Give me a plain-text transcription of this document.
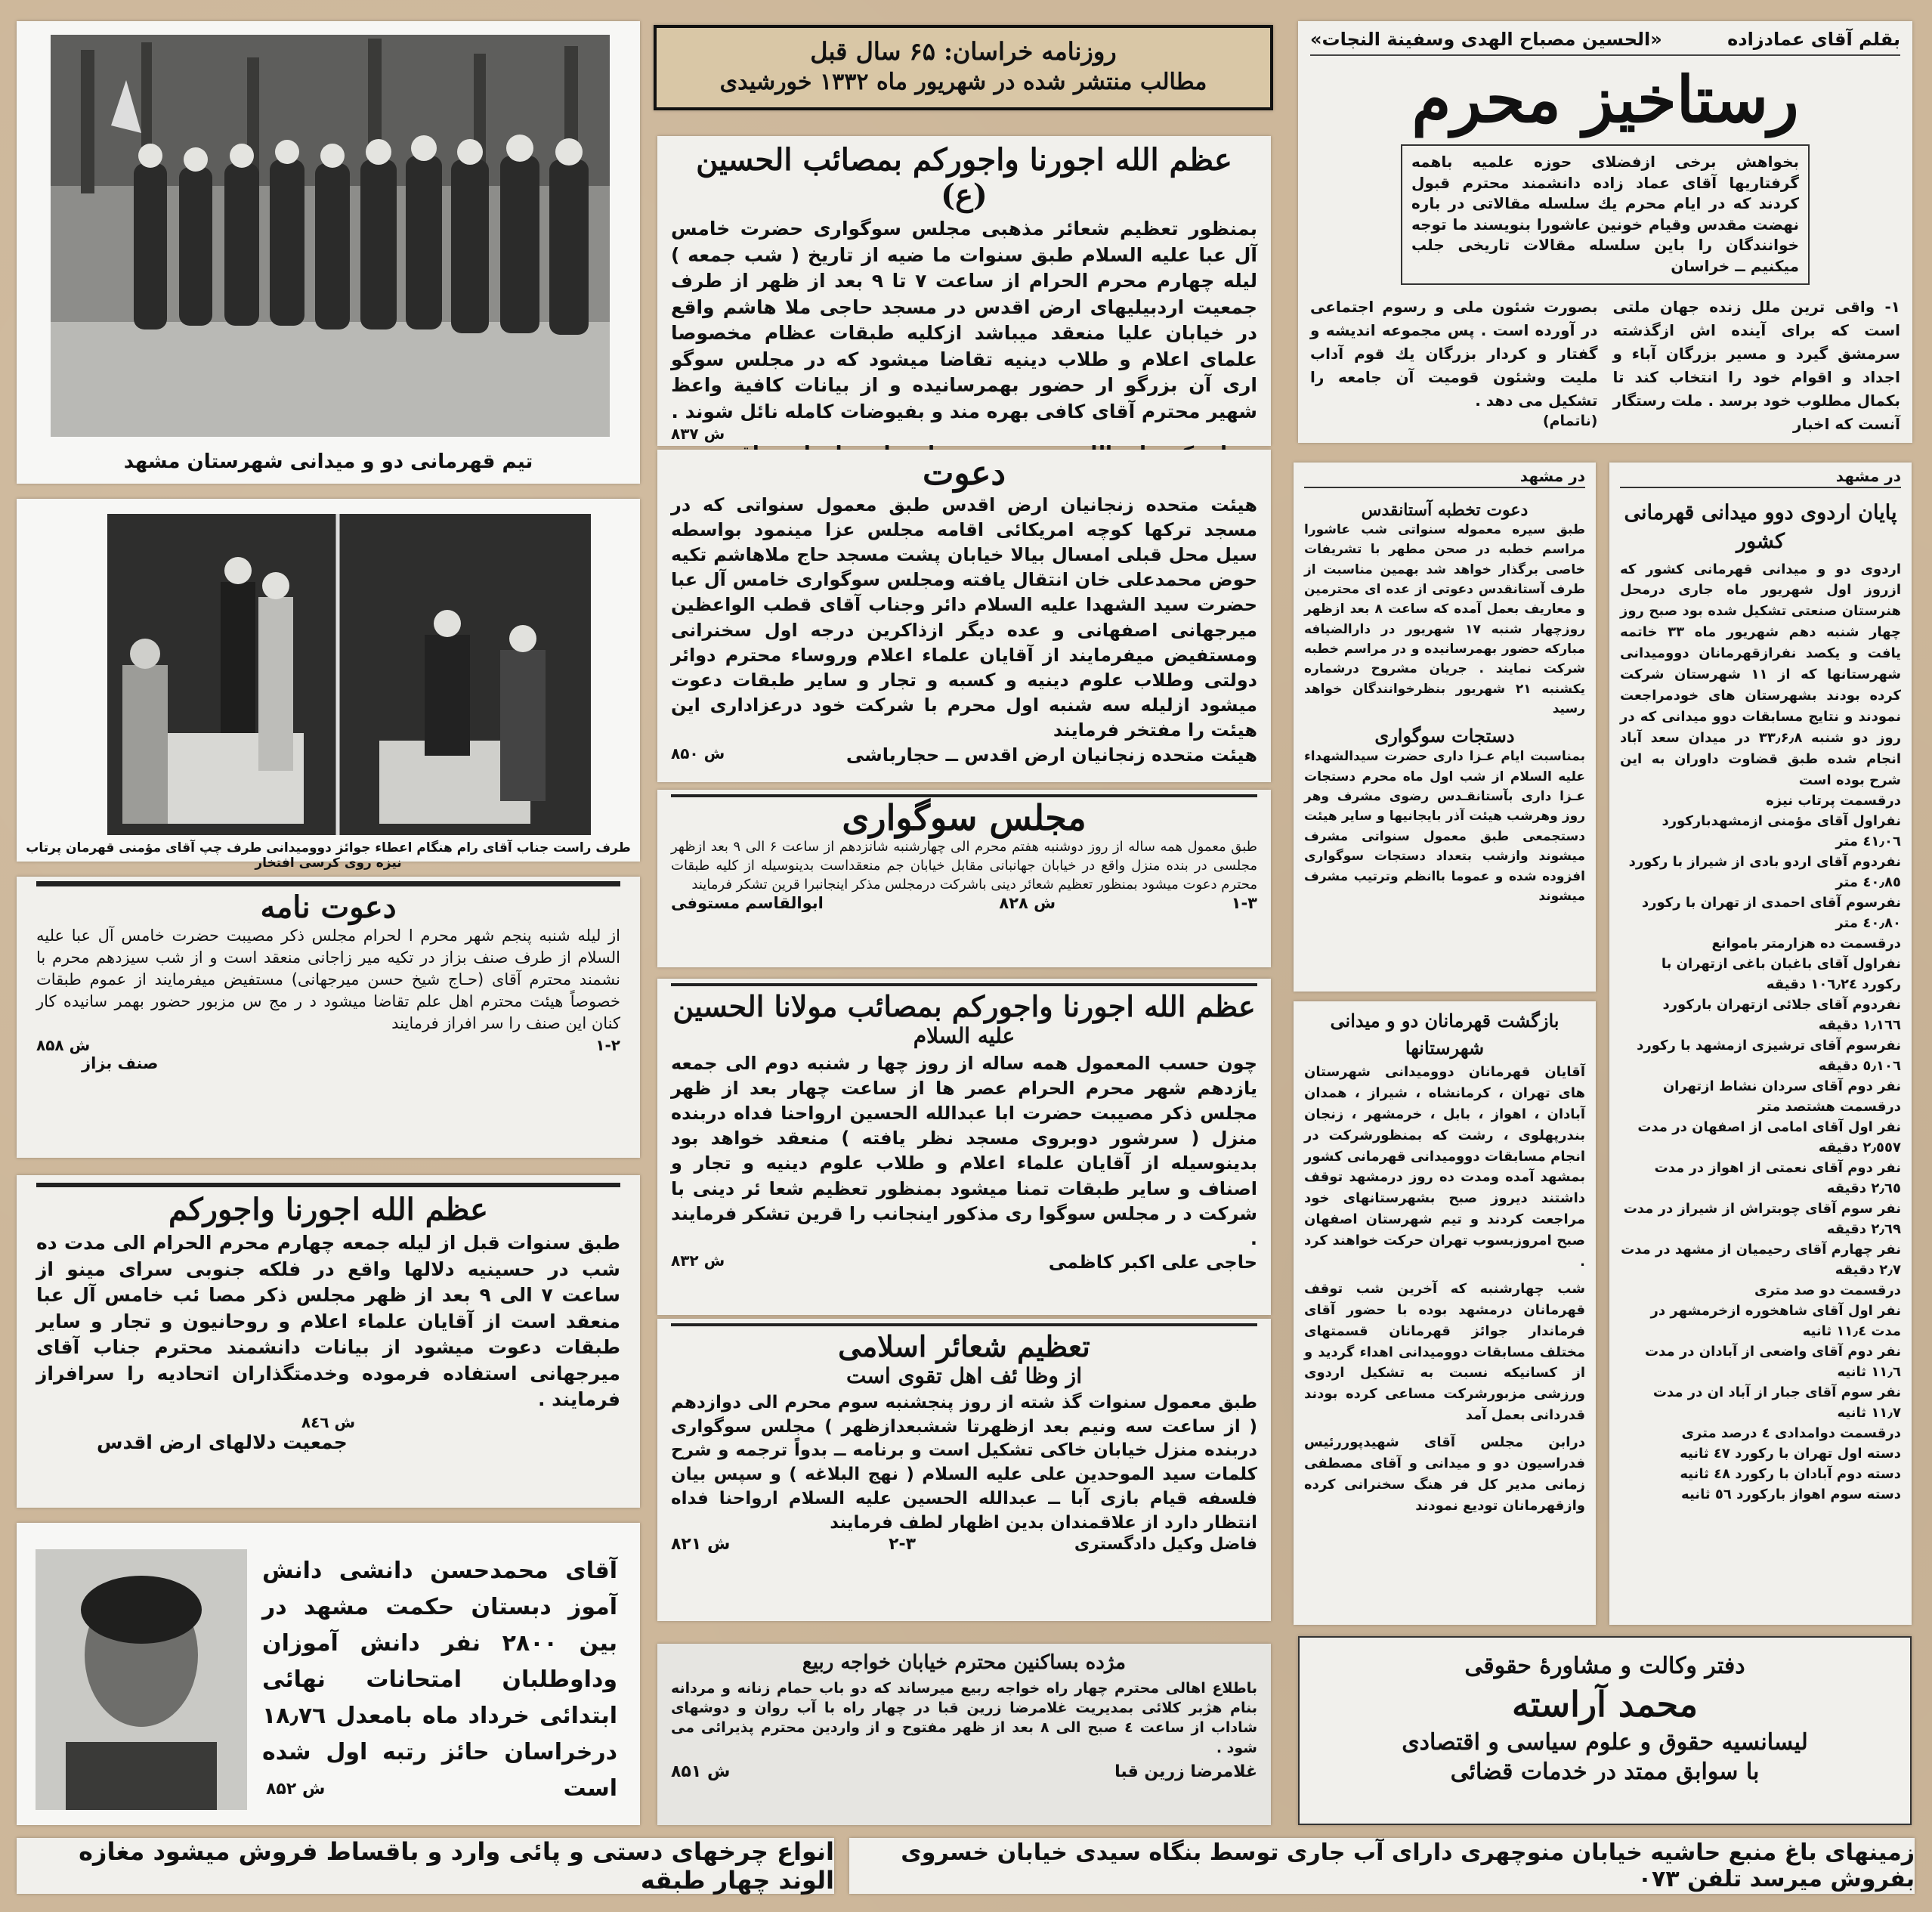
روزنامه خراسان: ۶۵ سال قبل
مطالب منتشر شده در شهریور ماه ۱۳۳۲ خورشیدی
تیم قهرمانی دو و میدانی شهرستان مشهد
طرف راست جناب آقای رام هنگام اعطاء جوائز دوومیدانی طرف چپ آقای مؤمنی قهرمان پرتاب نیزه روی کرسی افتخار
بقلم آقای عمادزاده
«الحسین مصباح الهدی وسفینة النجات»
رستاخیز محرم
بخواهش برخی ازفضلای حوزه علمیه باهمه گرفتاریها آقای عماد زاده دانشمند محترم قبول کردند که در ایام محرم یك سلسله مقالاتی در باره نهضت مقدس وقیام خونین عاشورا بنویسند ما توجه خوانندگان را باین سلسله مقالات تاریخی جلب میکنیم ــ خراسان
۱- واقی ترین ملل زنده جهان ملتی است که برای آینده اش ازگذشته سرمشق گیرد و مسیر بزرگان آباء و اجداد و اقوام خود را انتخاب کند تا بکمال مطلوب خود برسد . ملت رستگار آنست که اخبار
بصورت شئون ملی و رسوم اجتماعی در آورده است . پس مجموعه اندیشه و گفتار و کردار بزرگان یك قوم آداب ملیت وشئون قومیت آن جامعه را تشکیل می دهد .
(ناتمام)
عظم الله اجورنا واجورکم بمصائب الحسین (ع)
بمنظور تعظیم شعائر مذهبی مجلس سوگواری حضرت خامس آل عبا علیه السلام طبق سنوات ما ضیه از تاریخ ( شب جمعه ) لیله چهارم محرم الحرام از ساعت ۷ تا ۹ بعد از ظهر از طرف جمعیت اردبیلیهای ارض اقدس در مسجد حاجی ملا هاشم واقع در خیابان علیا منعقد میباشد ازکلیه طبقات عظام مخصوصا علمای اعلام و طلاب دینیه تقاضا میشود که در مجلس سوگو اری آن بزرگو ار حضور بهمرسانیده و از بیانات کافیة واعظ شهیر محترم آقای کافی بهره مند و بفیوضات کامله نائل شوند .
ش ۸۳۷
دعوت
هیئت متحده زنجانیان ارض اقدس طبق معمول سنواتی که در مسجد ترکها کوچه امریکائی اقامه مجلس عزا مینمود بواسطه سیل محل قبلی امسال بیالا خیابان پشت مسجد حاج ملاهاشم تکیه حوض محمدعلی خان انتقال یافته ومجلس سوگواری خامس آل عبا حضرت سید الشهدا علیه السلام دائر وجناب آقای قطب الواعظین میرجهانی اصفهانی و عده دیگر ازذاکرین درجه اول سخنرانی ومستفیض میفرمایند از آقایان علماء اعلام وروساء محترم دوائر دولتی وطلاب علوم دینیه و کسبه و تجار و سایر طبقات دعوت میشود ازلیله سه شنبه اول محرم با شرکت خود درعزاداری این هیئت را مفتخر فرمایند
هیئت متحده زنجانیان ارض اقدس ــ حجارباشی
ش ۸۵۰
مجلس سوگواری
طبق معمول همه ساله از روز دوشنبه هفتم محرم الی چهارشنبه شانزدهم از ساعت ۶ الی ۹ بعد ازظهر مجلسی در بنده منزل واقع در خیابان جهانبانی مقابل خیابان جم منعقداست بدینوسیله از کلیه طبقات محترم دعوت میشود بمنظور تعظیم شعائر دینی باشرکت درمجلس مذکر اینجانبرا قرین تشکر فرمایند
۱-۳
ش ۸۲۸
ابوالقاسم مستوفی
عظم الله اجورنا واجورکم بمصائب مولانا الحسین
علیه السلام
چون حسب المعمول همه ساله از روز چها ر شنبه دوم الی جمعه یازدهم شهر محرم الحرام عصر ها از ساعت چهار بعد از ظهر مجلس ذکر مصیبت حضرت ابا عبدالله الحسین ارواحنا فداه دربنده منزل ( سرشور دوبروی مسجد نظر یافته ) منعقد خواهد بود بدینوسیله از آقایان علماء اعلام و طلاب علوم دینیه و تجار و اصناف و سایر طبقات تمنا میشود بمنظور تعظیم شعا ئر دینی با شرکت د ر مجلس سوگوا ری مذکور اینجانب را قرین تشکر فرمایند .
حاجی علی اکبر کاظمی
ش ۸۳۲
تعظیم شعائر اسلامی
از وظا ئف اهل تقوی است
طبق معمول سنوات گذ شته از روز پنجشنبه سوم محرم الی دوازدهم ( از ساعت سه ونیم بعد ازظهرتا ششبعدازظهر ) مجلس سوگواری دربنده منزل خیابان خاکی تشکیل است و برنامه ــ بدواً ترجمه و شرح کلمات سید الموحدین علی علیه السلام ( نهج البلاغه ) و سپس بیان فلسفه قیام بازی آبا ــ عبدالله الحسین علیه السلام ارواحنا فداه انتظار دارد از علاقمندان بدین اظهار لطف فرمایند
فاضل وکیل دادگستری
۲-۳
ش ۸۲۱
مژده بساکنین محترم خیابان خواجه ربیع
باطلاع اهالی محترم چهار راه خواجه ربیع میرساند که دو باب حمام زنانه و مردانه بنام هژبر کلائی بمدیریت غلامرضا زرین قبا در چهار راه با آب روان و دوشهای شاداب از ساعت ٤ صبح الی ۸ بعد از ظهر مفتوح و از واردین محترم پذیرائی می شود .
غلامرضا زرین قبا
ش ۸۵۱
دعوت نامه
از لیله شنبه پنجم شهر محرم ا لحرام مجلس ذکر مصیبت حضرت خامس آل عبا علیه السلام از طرف صنف بزاز در تکیه میر زاجانی منعقد است و از شب سیزدهم محرم با نشمند محترم آقای (حـاج شیخ حسن میرجهانی) مستفیض میفرمایند از عموم طبقات خصوصاً هیئت محترم اهل علم تقاضا میشود د ر مج س مزبور حضور بهمر سانیده کار کنان این صنف را سر افراز فرمایند
۱-۲
ش ۸۵۸
صنف بزاز
عظم الله اجورنا واجورکم
طبق سنوات قبل از لیله جمعه چهارم محرم الحرام الی مدت ده شب در حسینیه دلالها واقع در فلکه جنوبی سرای مینو از ساعت ۷ الی ۹ بعد از ظهر مجلس ذکر مصا ئب خامس آل عبا منعقد است از آقایان علماء اعلام و روحانیون و تجار و سایر طبقات دعوت میشود از بیانات دانشمند محترم جناب آقای میرجهانی استفاده فرموده وخدمتگذاران اتحادیه را سرافراز فرمایند .
ش ۸٤٦
جمعیت دلالهای ارض اقدس
آقای محمدحسن دانشی دانش آموز دبستان حکمت مشهد در بین ۲۸۰۰ نفر دانش آموزان وداوطلبان امتحانات نهائی ابتدائی خرداد ماه بامعدل ۱۸٫۷٦ درخراسان حائز رتبه اول شده است
ش ۸۵۲
در مشهد
دعوت تخطبه آستانقدس
طبق سیره معموله سنواتی شب عاشورا مراسم خطبه در صحن مطهر با تشریفات خاصی برگذار خواهد شد بهمین مناسبت از طرف آستانقدس دعوتی از عده ای محترمین و معاریف بعمل آمده که ساعت ۸ بعد ازظهر روزچهار شنبه ۱۷ شهریور در دارالضیافه مبارکه حضور بهمرسانیده و در مراسم خطبه شرکت نمایند . جریان مشروح درشماره یکشنبه ۲۱ شهریور بنظرخوانندگان خواهد رسید
دستجات سوگواری
بمناسبت ایام عـزا داری حضرت سیدالشهداء علیه السلام از شب اول ماه محرم دستجات عـزا داری بآستانقـدس رضوی مشرف وهر روز وهرشب هیئت آذر بایجانیها و سایر هیئت دستجمعی طبق معمول سنواتی مشرف میشوند وازشب بتعداد دستجات سوگواری افزوده شده و عموما باانظم وترتیب مشرف میشوند
بازگشت قهرمانان دو و میدانی شهرستانها
آقایان قهرمانان دوومیدانی شهرستان های تهران ، کرمانشاه ، شیراز ، همدان آبادان ، اهواز ، بابل ، خرمشهر ، زنجان بندرپهلوی ، رشت که بمنظورشرکت در انجام مسابقات دوومیدانی قهرمانی کشور بمشهد آمده ومدت ده روز درمشهد توقف داشتند دیروز صبح بشهرستانهای خود مراجعت کردند و تیم شهرستان اصفهان صبح امروزبسوب تهران حرکت خواهند کرد .
شب چهارشنبه که آخرین شب توقف قهرمانان درمشهد بوده با حضور آقای فرماندار جوائز قهرمانان قسمتهای مختلف مسابقات دوومیدانی اهداء گردید و از کسانیکه نسبت به تشکیل اردوی ورزشی مزبورشرکت مساعی کرده بودند قدردانی بعمل آمد
درابن مجلس آقای شهیدپوررئیس فدراسیون دو و میدانی و آقای مصطفی زمانی مدیر کل فر هنگ سخنرانی کرده وازقهرمانان تودیع نمودند
در مشهد
پایان اردوی دوو میدانی قهرمانی کشور
اردوی دو و میدانی قهرمانی کشور که ازروز اول شهریور ماه جاری درمحل هنرستان صنعتی تشکیل شده بود صبح روز چهار شنبه دهم شهریور ماه ۳۳ خاتمه یافت و یکصد نفرازقهرمانان دوومیدانی شهرستانها که از ۱۱ شهرستان شرکت کرده بودند بشهرستان های خودمراجعت نمودند و نتایج مسابقات دوو میدانی که در روز دو شنبه ۳۳٫۶٫۸ در میدان سعد آباد انجام شده طبق قضاوت داوران به این شرح بوده است
درقسمت پرتاب نیزه
نفراول آقای مؤمنی ازمشهدبارکورد ٤١٫٠٦ متر
نفردوم آقای اردو بادی از شیراز با رکورد ٤٠٫٨٥ متر
نفرسوم آقای احمدی از تهران با رکورد ٤٠٫٨٠ متر
درقسمت ده هزارمتر باموانع
نفراول آقای باغبان باغی ازتهران با رکورد ١٠٦٫٢٤ دقیقه
نفردوم آقای جلائی ازتهران بارکورد ١٫١٦٦ دقیقه
نفرسوم آقای ترشیزی ازمشهد با رکورد ٥٫١٠٦ دقیقه
نفر دوم آقای سردان نشاط ازتهران
درقسمت هشتصد متر
نفر اول آقای امامی از اصفهان در مدت ٢٫٥٥٧ دقیقه
نفر دوم آقای نعمتی از اهواز در مدت ٢٫٦٥ دقیقه
نفر سوم آقای چوبتراش از شیراز در مدت ٢٫٦٩ دقیقه
نفر چهارم آقای رحیمیان از مشهد در مدت ٢٫٧ دقیقه
درقسمت دو صد متری
نفر اول آقای شاهخوره ازخرمشهر در مدت ١١٫٤ ثانیه
نفر دوم آقای واضعی از آبادان در مدت ١١٫٦ ثانیه
نفر سوم آقای جبار از آباد ان در مدت ١١٫٧ ثانیه
درقسمت دوامدادی ٤ درصد متری
دسته اول تهران با رکورد ٤٧ ثانیه
دسته دوم آبادان با رکورد ٤٨ ثانیه
دسته سوم اهواز بارکورد ٥٦ ثانیه
دفتر وکالت و مشاورهٔ حقوقی
محمد آراسته
لیسانسیه حقوق و علوم سیاسی و اقتصادی
با سوابق ممتد در خدمات قضائی
انواع چرخهای دستی و پائی وارد و باقساط فروش میشود مغازه الوند چهار طبقه
زمینهای باغ منبع حاشیه خیابان منوچهری دارای آب جاری توسط بنگاه سیدی خیابان خسروی بفروش میرسد تلفن ۰۷۳
